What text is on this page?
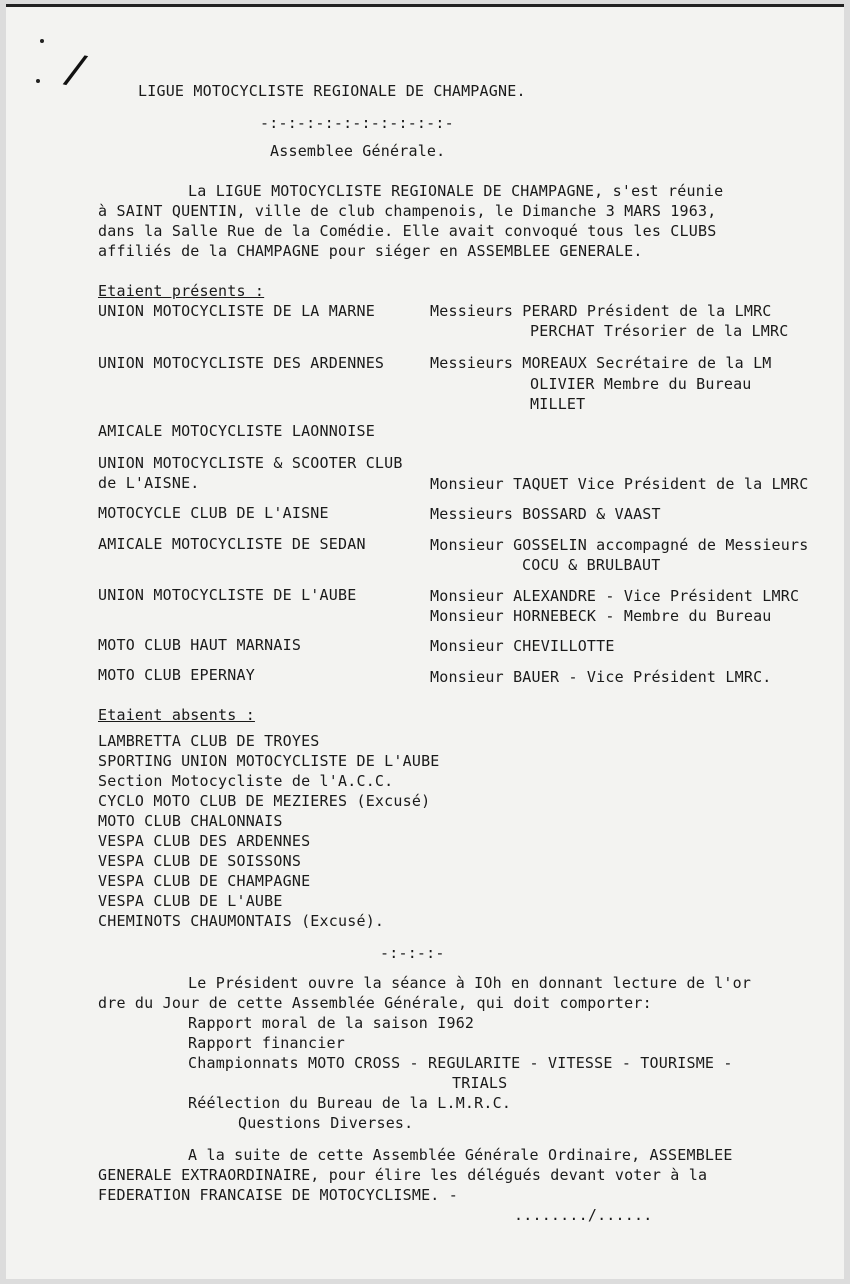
/	LIGUE MOTOCYCLISTE REGIONALE DE CHAMPAGNE.
-:-:-:-:-:-:-:-:-:-:-
Assemblee Générale.
La LIGUE MOTOCYCLISTE REGIONALE DE CHAMPAGNE, s'est réunie
à SAINT QUENTIN, ville de club champenois, le Dimanche 3 MARS 1963,
dans la Salle Rue de la Comédie. Elle avait convoqué tous les CLUBS
affiliés de la CHAMPAGNE pour siéger en ASSEMBLEE GENERALE.
Etaient présents :
UNION MOTOCYCLISTE DE LA MARNE	Messieurs PERARD Président de la LMRC
PERCHAT Trésorier de la LMRC
UNION MOTOCYCLISTE DES ARDENNES	Messieurs MOREAUX Secrétaire de la LM
OLIVIER Membre du Bureau
MILLET
AMICALE MOTOCYCLISTE LAONNOISE
UNION MOTOCYCLISTE & SCOOTER CLUB
de L'AISNE.	Monsieur TAQUET Vice Président de la LMRC
MOTOCYCLE CLUB DE L'AISNE	Messieurs BOSSARD & VAAST
AMICALE MOTOCYCLISTE DE SEDAN	Monsieur GOSSELIN accompagné de Messieurs
COCU & BRULBAUT
UNION MOTOCYCLISTE DE L'AUBE	Monsieur ALEXANDRE - Vice Président LMRC
Monsieur HORNEBECK - Membre du Bureau
MOTO CLUB HAUT MARNAIS	Monsieur CHEVILLOTTE
MOTO CLUB EPERNAY	Monsieur BAUER - Vice Président LMRC.
Etaient absents :
LAMBRETTA CLUB DE TROYES
SPORTING UNION MOTOCYCLISTE DE L'AUBE
Section Motocycliste de l'A.C.C.
CYCLO MOTO CLUB DE MEZIERES (Excusé)
MOTO CLUB CHALONNAIS
VESPA CLUB DES ARDENNES
VESPA CLUB DE SOISSONS
VESPA CLUB DE CHAMPAGNE
VESPA CLUB DE L'AUBE
CHEMINOTS CHAUMONTAIS (Excusé).
-:-:-:-
Le Président ouvre la séance à IOh en donnant lecture de l'or
dre du Jour de cette Assemblée Générale, qui doit comporter:
Rapport moral de la saison I962
Rapport financier
Championnats MOTO CROSS - REGULARITE - VITESSE - TOURISME -
TRIALS
Réélection du Bureau de la L.M.R.C.
Questions Diverses.
A la suite de cette Assemblée Générale Ordinaire, ASSEMBLEE
GENERALE EXTRAORDINAIRE, pour élire les délégués devant voter à la
FEDERATION FRANCAISE DE MOTOCYCLISME. -
......../......
